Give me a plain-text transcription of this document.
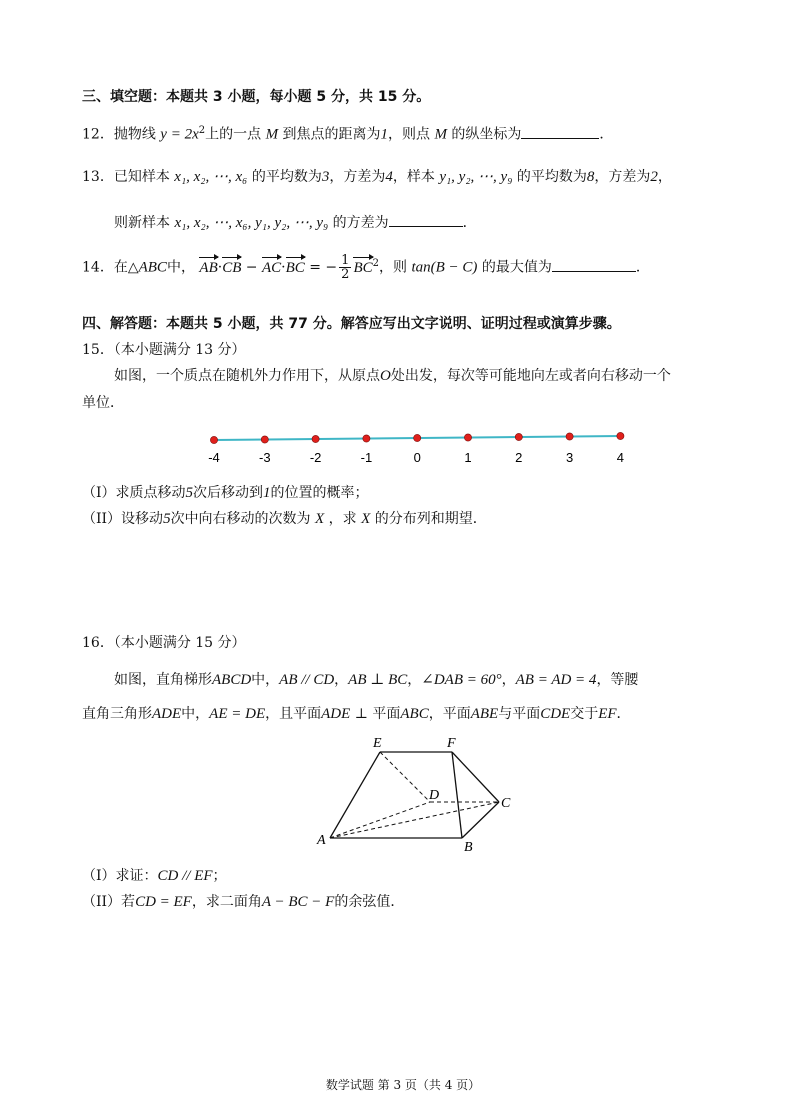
三、填空题：本题共 3 小题，每小题 5 分，共 15 分。
12．抛物线 $y = 2x^2$上的一点 M 到焦点的距离为1，则点 M 的纵坐标为	．
13．已知样本 x₁, x₂, ⋯, x₆ 的平均数为3，方差为4，样本 y₁, y₂, ⋯, y₉ 的平均数为8，方差为2，
则新样本 x₁, x₂, ⋯, x₆, y₁, y₂, ⋯, y₉ 的方差为	．
14．在△ABC中， AB·CB − AC·BC = − $\frac{1}{2} BC^2$，则 tan(B − C) 的最大值为	．
四、解答题：本题共 5 小题，共 77 分。解答应写出文字说明、证明过程或演算步骤。
15．（本小题满分 13 分）
如图，一个质点在随机外力作用下，从原点O处出发，每次等可能地向左或者向右移动一个
单位．
-4	-3	-2	-1	0	1	2	3	4
（I）求质点移动5次后移动到1的位置的概率；
（II）设移动5次中向右移动的次数为 X ，求 X 的分布列和期望．
16．（本小题满分 15 分）
如图，直角梯形ABCD中，AB // CD，AB ⊥ BC，∠DAB = 60°，AB = AD = 4，等腰
直角三角形ADE中，AE = DE，且平面ADE ⊥ 平面ABC，平面ABE与平面CDE交于EF．
E	F
D
C
A	B
（I）求证：CD // EF；
（II）若CD = EF，求二面角A − BC − F的余弦值．
数学试题 第 3 页（共 4 页）
